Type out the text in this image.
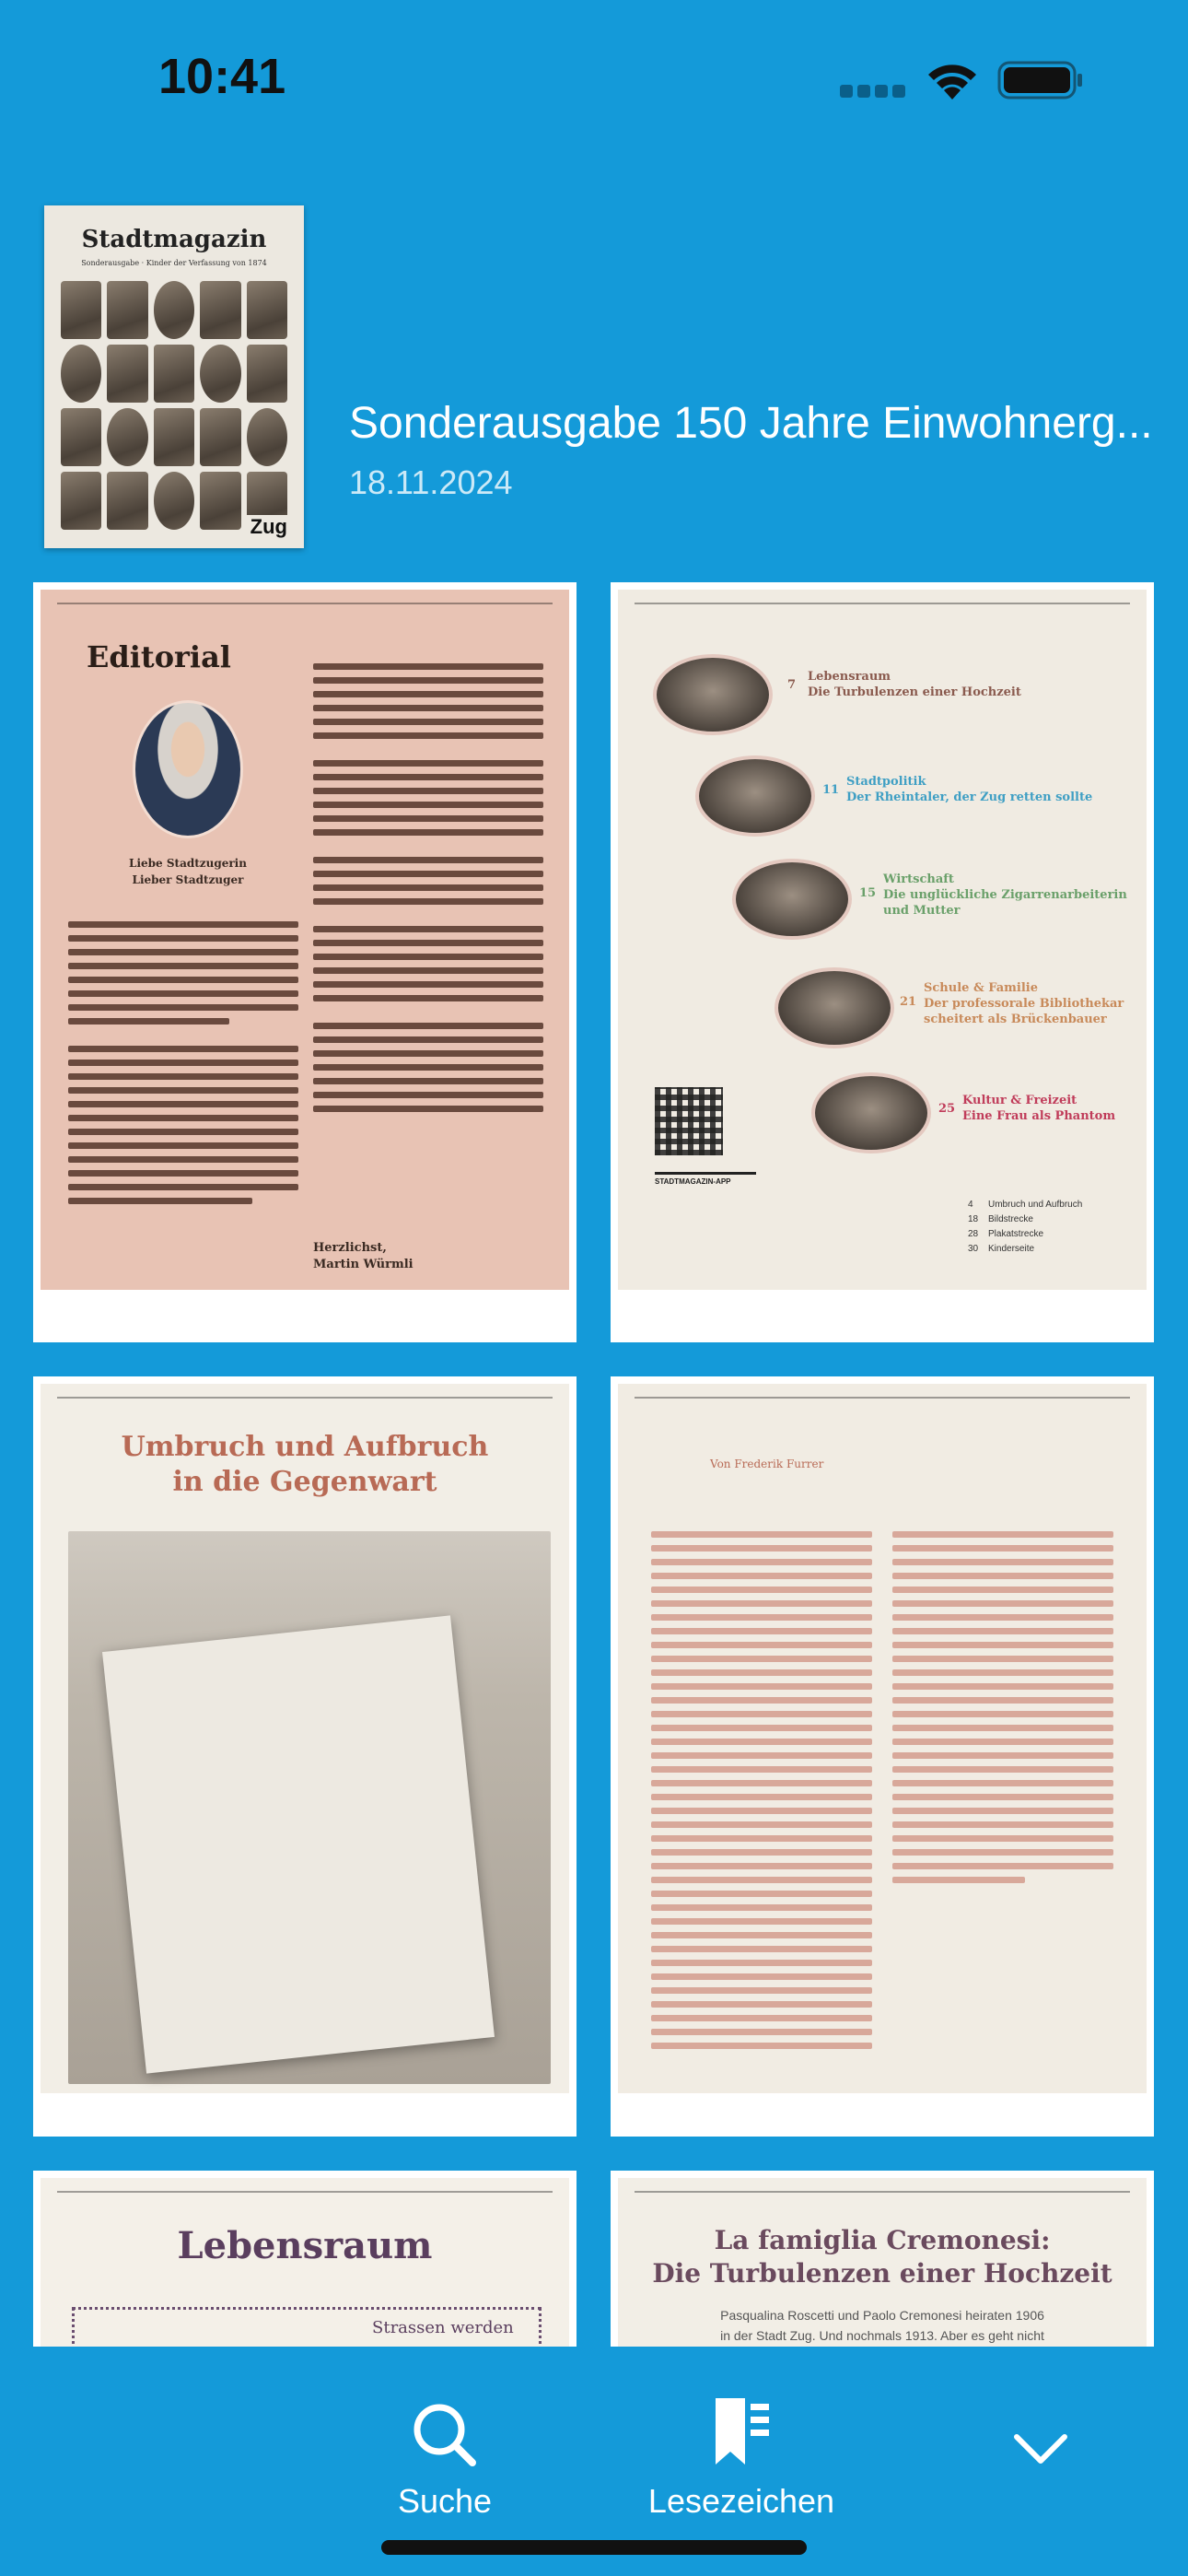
10:41
Stadtmagazin
Sonderausgabe · Kinder der Verfassung von 1874
Zug
Sonderausgabe 150 Jahre Einwohnerg...
18.11.2024
Editorial
Liebe Stadtzugerin
Lieber Stadtzuger
Herzlichst,
Martin Würmli
7
Lebensraum
Die Turbulenzen einer Hochzeit
11
Stadtpolitik
Der Rheintaler, der Zug retten sollte
15
Wirtschaft
Die unglückliche Zigarrenarbeiterin und Mutter
21
Schule & Familie
Der professorale Bibliothekar scheitert als Brückenbauer
25
Kultur & Freizeit
Eine Frau als Phantom
STADTMAGAZIN-APP
4 Umbruch und Aufbruch
18 Bildstrecke
28 Plakatstrecke
30 Kinderseite
Umbruch und Aufbruch
in die Gegenwart
Von Frederik Furrer
Lebensraum
Strassen werden
La famiglia Cremonesi:
Die Turbulenzen einer Hochzeit
Pasqualina Roscetti und Paolo Cremonesi heiraten 1906
in der Stadt Zug. Und nochmals 1913. Aber es geht nicht
Suche	Lesezeichen
